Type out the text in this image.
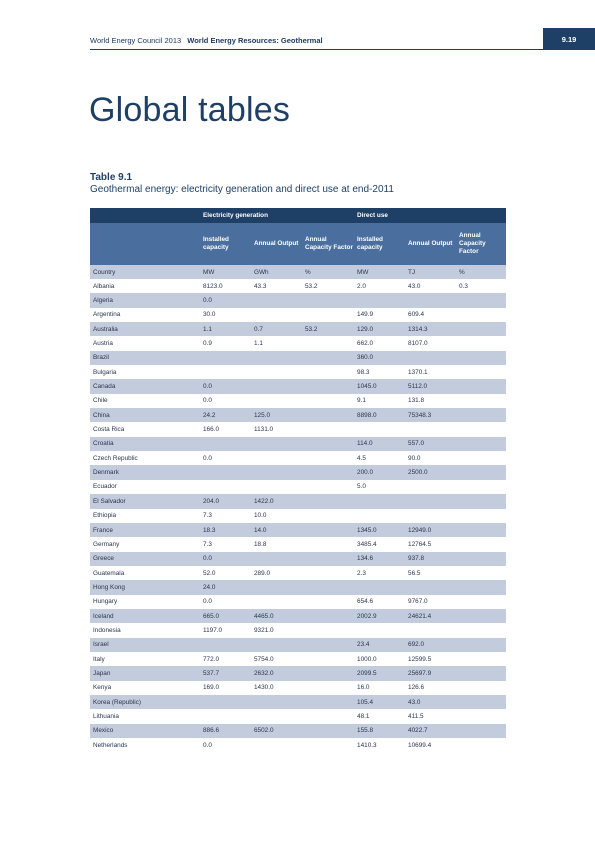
World Energy Council 2013 World Energy Resources: Geothermal	9.19
Global tables
Table 9.1
Geothermal energy: electricity generation and direct use at end-2011
	Electricity generation			Direct use		
	Installed capacity	Annual Output	Annual Capacity Factor	Installed capacity	Annual Output	Annual Capacity Factor
Country	MW	GWh	%	MW	TJ	%
Albania	8123.0	43.3	53.2	2.0	43.0	0.3
Algeria	0.0					
Argentina	30.0			149.9	609.4	
Australia	1.1	0.7	53.2	129.0	1314.3	
Austria	0.9	1.1		662.0	8107.0	
Brazil				360.0		
Bulgaria				98.3	1370.1	
Canada	0.0			1045.0	5112.0	
Chile	0.0			9.1	131.8	
China	24.2	125.0		8898.0	75348.3	
Costa Rica	166.0	1131.0				
Croatia				114.0	557.0	
Czech Republic	0.0			4.5	90.0	
Denmark				200.0	2500.0	
Ecuador				5.0		
El Salvador	204.0	1422.0				
Ethiopia	7.3	10.0				
France	18.3	14.0		1345.0	12949.0	
Germany	7.3	18.8		3485.4	12764.5	
Greece	0.0			134.6	937.8	
Guatemala	52.0	289.0		2.3	56.5	
Hong Kong	24.0					
Hungary	0.0			654.6	9767.0	
Iceland	665.0	4465.0		2002.9	24621.4	
Indonesia	1197.0	9321.0				
Israel				23.4	692.0	
Italy	772.0	5754.0		1000.0	12599.5	
Japan	537.7	2632.0		2099.5	25697.9	
Kenya	169.0	1430.0		16.0	126.6	
Korea (Republic)				105.4	43.0	
Lithuania				48.1	411.5	
Mexico	886.6	6502.0		155.8	4022.7	
Netherlands	0.0			1410.3	10699.4	
